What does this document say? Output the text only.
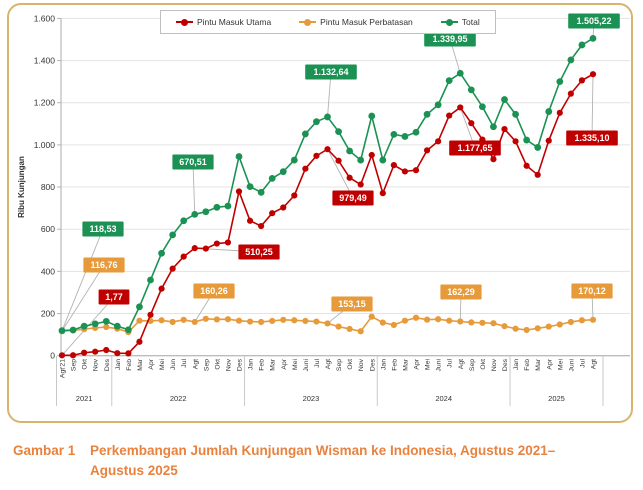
Pintu Masuk Utama	Pintu Masuk Perbatasan	Total
0
200
400
600
800
1.000
1.200
1.400
1.600
Ribu Kunjungan
Agt'21 Sep Okt Nov Des Jan Feb Mar Apr Mei Jun Jul Agt Sep Okt Nov Des Jan Feb Mar Apr Mei Juni Jul Agt Sep Okt Nov Des Jan Feb Mar Apr Mei Juni Jul Agt Sep Okt Nov Des Jan Feb Mar Apr Mei Juni Jul Agt
2021	2022	2023	2024	2025
118,53
116,76
1,77
670,51
510,25
160,26
1.132,64
979,49
153,15
1.339,95
1.177,65
162,29
1.505,22
1.335,10
170,12
Gambar 1	Perkembangan Jumlah Kunjungan Wisman ke Indonesia, Agustus 2021–Agustus 2025
